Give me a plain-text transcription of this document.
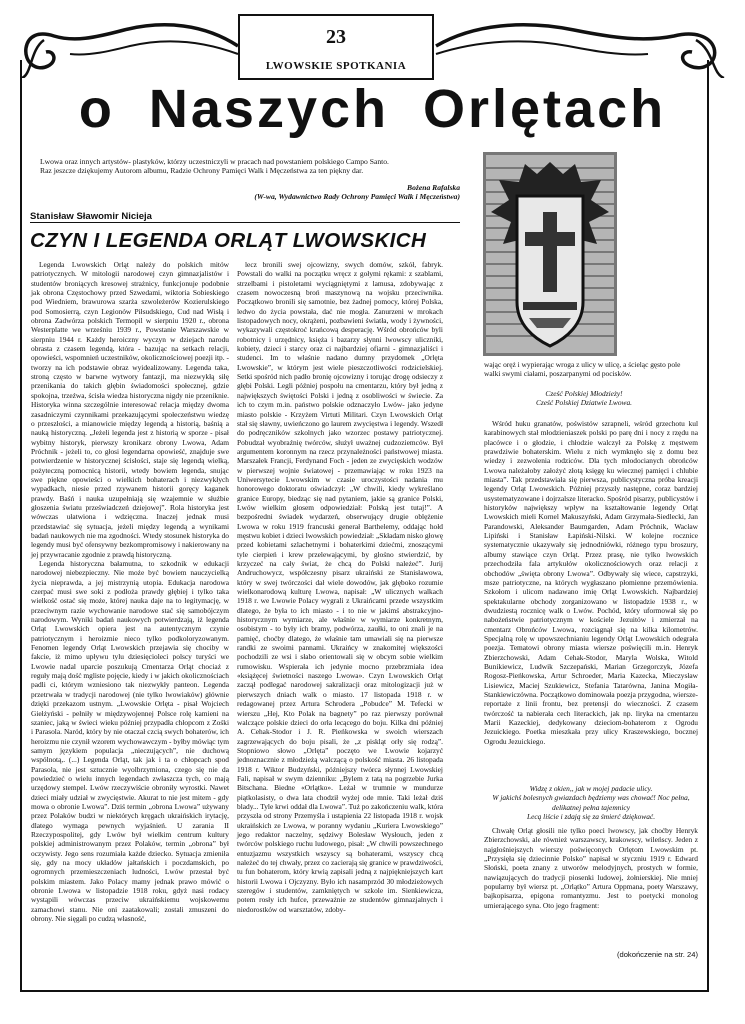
23
LWOWSKIE SPOTKANIA
o Naszych Orlętach

Lwowa oraz innych artystów- plastyków, którzy uczestniczyli w pracach nad powstaniem polskiego Campo Santo.

Raz jeszcze dziękujemy Autorom albumu, Radzie Ochrony Pamięci Walk i Męczeństwa za ten piękny dar.

Bożena Rafalska
(W-wa, Wydawnictwo Rady Ochrony Pamięci Walk i Męczeństwa)
Stanisław Sławomir Nicieja
CZYN I LEGENDA ORLĄT LWOWSKICH

Legenda Lwowskich Orląt należy do polskich mitów patriotycznych. W mitologii narodowej czyn gimnazjalistów i studentów broniących kresowej strażnicy, funkcjonuje podobnie jak obrona Częstochowy przed Szwedami, wiktoria Sobieskiego pod Wiedniem, brawurowa szarża szwoleżerów Kozierulskiego pod Somosierrą, czyn Legionów Piłsudskiego, Cud nad Wisłą i obrona Zadwórza polskich Termopil w sierpniu 1920 r., obrona Westerplatte we wrześniu 1939 r., Powstanie Warszawskie w sierpniu 1944 r. Każdy heroiczny wyczyn w dziejach narodu obrasta z czasem legendą, która - bazując na setkach relacji, opowieści, wspomnień uczestników, okolicznościowej poezji itp. - tworzy na ich podstawie obraz wyidealizowany. Legenda taka, stroną często w barwne wytwory fantazji, ma niezwykłą siłę przenikania do takich głębin świadomości społecznej, gdzie spokojna, trzeźwa, ścisła wiedza historyczna nigdy nie przeniknie. Historyka winna szczególnie interesować relacja między dwoma zasadniczymi czynnikami przekazującymi społeczeństwu wiedzę o przeszłości, a mianowicie między legendą a historią, baśnią a nauką historyczną. „Jeżeli legenda jest z historią w sporze - pisał wybitny historyk, pierwszy kronikarz obrony Lwowa, Adam Próchnik - jeżeli to, co głosi legendarna opowieść, znajduje swe potwierdzenie w historycznej ścisłości, staje się legendą wielką, pożyteczną pomocnicą historii, wtedy bowiem legenda, snując swe piękne opowieści o wielkich bohaterach i niezwykłych wypadkach, niesie przed rzywanem historii goręcy kaganek prawdy. Baśń i nauka uzupełniają się wzajemnie w służbie głoszenia światu przeświadczeń dziejowej”. Rola historyka jest wówczas ułatwiona i wdzięczna. Inaczej jednak musi przedstawiać się sytuacja, jeżeli między legendą a wynikami badań naukowych nie ma zgodności. Wtedy stosunek historyka do legendy musi być ofensywny bezkompromisowy i nakierowany na jej przywracanie zgodnie z prawdą historyczną.

Legenda historyczna bałamutna, to szkodnik w edukacji narodowej niebezpieczny. Nie może być bowiem nauczycielką życia nieprawda, a jej mistrzynią utopia. Edukacja narodowa czerpać musi swe soki z podłoża prawdy głębiej i tylko taka wielkość ostać się może, której nauka daje na to legitymację, w przeciwnym razie wychowanie narodowe stać się samobójczym narodowym. Wyniki badań naukowych potwierdzają, iż legenda Orląt Lwowskich opiera jest na autentycznym czynie patriotycznym i heroizmie nieco tylko podkoloryzowanym. Fenomen legendy Orląt Lwowskich przejawia się chociby w fakcie, iż mimo upływu tylu dziesięcioleci polscy turyści we Lwowie nadal uparcie poszukują Cmentarza Orląt chociaż z reguły mają dość mgliste pojęcie, kiedy i w jakich okolicznościach padli ci, którym wzniesiono tak niezwykły panteon. Legenda przetrwała w tradycji narodowej (nie tylko lwowiaków) głównie dzięki przekazom ustnym. „Lwowskie Orlęta - pisał Wojciech Giełżyński - pełniły w międzywojennej Polsce rolę kamieni na szaniec, jaką w świeci wieku później przypadła chłopcom z Zośki i Parasola. Naród, który by nie otaczał czcią swych bohaterów, ich heroizmu nie czynił wzorem wychowawczym - byłby mówiąc tym samym językiem populacja „nieczujących”, nie duchową wspólnotą,. (...) Legenda Orląt, tak jak i ta o chłopcach spod Parasola, nie jest sztucznie wyolbrzymiona, czego się nie da powiedzieć o wielu innych legendach zwłaszcza tych, co mają urzędowy stempel. Lwów rzeczywiście obroniły wyrostki. Nawet dzieci miały udział w zwycięstwie. Akurat to nie jest mitem - gdy mowa o obronie Lwowa”. Dziś termin „obrona Lwowa” używany przez Polaków budzi w niektórych kręgach ukraińskich irytację, dlatego wymaga pewnych wyjaśnień. U zarania II Rzeczypospolitej, gdy Lwów był wielkim centrum kultury polskiej administrowanym przez Polaków, termin „obrona” był oczywisty. Jego sens rozumiała każde dziecko. Sytuacja zmieniła się, gdy na mocy układów jałtańskich i poczdamskich, po ogromnych przemieszczeniach ludności, Lwów przestał być polskim miastem. Jako Polacy mamy jednak prawo mówić o obronie Lwowa w listopadzie 1918 roku, gdyż nasi rodacy wystąpili wówczas przeciw ukraińskiemu wojskowemu zamachowi stanu. Nie oni zaatakowali; zostali zmuszeni do obrony. Nie sięgali po cudzą własność,

lecz bronili swej ojcowizny, swych domów, szkół, fabryk. Powstali do walki na początku wręcz z gołymi rękami: z szablami, strzelbami i pistoletami wyciągniętymi z lamusa, zdobywając z czasem nowoczesną broń maszynową na wojsku przeciwnika. Początkowo bronili się samotnie, bez żadnej pomocy, której Polska, ledwo do życia powstała, dać nie mogła. Zanurzeni w mrokach listopadowych nocy, okrążeni, pozbawieni światła, wody i żywności, wykazywali częstokroć krańcową desperację. Wśród obrońców byli robotnicy i urzędnicy, księża i bazarzy słynni lwowscy uliczniki, kobiety, dzieci i starcy oraz ci najbardziej ofiarni - gimnazjaliści i studenci. Im to właśnie nadano dumny przydomek „Orlęta Lwowskie”, w którym jest wiele pieszczotliwości rodzicielskiej. Setki spośród nich padło bronię ojcowizny i torując drogę odsieczy z głębi Polski. Legli później pospołu na cmentarzu, który był jedną z największych świętości Polski i jedną z osobliwości w świecie. Za ich to czym m.in. państwo polskie odznaczyło Lwów- jako jedyne miasto polskie - Krzyżem Virtuti Militari. Czyn Lwowskich Orląt stał się sławny, uwieńczono go laurem zwycięstwa i legendy. Wszedł do podręczników szkolnych jako wzorzec postawy patriotycznej. Pobudzał wyobraźnię twórców, służył uważnej cudzoziemców. Był argumentem koronnym na rzecz przynależności państwowej miasta. Marszałek Francji, Ferdynand Foch - jeden ze zwycięskich wodzów w pierwszej wojnie światowej - przemawiając w roku 1923 na Uniwersytecie Lwowskim w czasie uroczystości nadania mu honorowego doktoratu oświadczył: „W chwili, kiedy wykreślano granice Europy, biedząc się nad pytaniem, jakie są granice Polski, Lwów wielkim głosem odpowiedział: Polską jest tutaj!”. A bezpośredni świadek wydarzeń, obserwujący drugie oblężenie Lwowa w roku 1919 francuski generał Barthelemy, oddając hołd męstwu kobiet i dzieci lwowskich powiedział: „Składam nisko głowę przed kobietami szlachetnymi i bohaterkimi dziećmi, znoszącymi tyle cierpień i krew przelewającymi, by głośno stwierdzić, by krzyczeć na cały świat, że chcą do Polski należeć”. Jurij Andruchowycz, współczesny pisarz ukraiński ze Stanisławowa, który w swej twórczości dał wiele dowodów, jak głęboko rozumie wielkonarodową kulturę Lwowa, napisał: „W ulicznych walkach 1918 r. we Lwowie Polacy wygrali z Ukraińcami przede wszystkim dlatego, że była to ich miasto - i to nie w jakimś abstrakcyjno-historycznym wymiarze, ale właśnie w wymiarze konkretnym, osobistym - to były ich bramy, podwórza, zaułki, to oni znali je na pamięć, choćby dlatego, że właśnie tam umawiali się na pierwsze randki ze swoimi pannami. Ukraińcy w znakomitej większości pochodzili ze wsi i słabo orientowali się w obcym sobie wielkim rumowisku. Wspierała ich jedynie mocno przebrzmiała idea «książęcej świetności naszego Lwowa». Czyn Lwowskich Orląt zaczął podlegać narodowej sakralizacji oraz mitologizacji już w pierwszych dniach walk o miasto. 17 listopada 1918 r. w redagowanej przez Artura Schrodera „Pobudce” M. Tefecki w wierszu „Hej, Kto Polak na bagnety” po raz pierwszy porównał walczące polskie dzieci do orła lecącego do boju. Kilka dni później A. Cehak-Stodor i J. R. Pieńkowska w swoich wierszach zagrzewających do boju pisali, że „z piskląt orły się rodzą”. Stopniowo słowo „Orlęta” poczęto we Lwowie kojarzyć jednoznacznie z młodzieżą walczącą o polskość miasta. 26 listopada 1918 r. Wiktor Budzyński, późniejszy twórca słynnej Lwowskiej Fali, napisał w swym dzienniku: „Bylem z tatą na pogrzebie Jurka Bitschana. Biedne «Orlątko». Leżał w trumnie w mundurze piątkolasisty, o dwa lata chodził wyżej ode mnie. Taki leżał dziś blady... Tyle krwi oddał dla Lwowa”. Tuż po zakończeniu walk, która przyszła od strony Przemyśla i ustąpienia 22 listopada 1918 r. wojsk ukraińskich ze Lwowa, w poranny wydaniu „Kuriera Lwowskiego” jego redaktor naczelny, sędziwy Bolesław Wysłouch, jeden z twórców polskiego ruchu ludowego, pisał: „W chwili powszechnego entuzjazmu wszystkich wszyscy są bohaterami, wszyscy chcą należeć do tej chwały, przez co zacierają się granice w prawdziwości, tu fun bohaterom, który krwią zapisali jedną z najpiękniejszych kart historii Lwowa i Ojczyzny. Było ich nasamprzód 30 młodzieżowych szeregów i studentów, zamkniętych w szkole im. Sienkiewicza, potem rosły ich hufce, przeważnie ze studentów gimnazjalnych i niedorostków od warsztatów, zdoby-

wając oręż i wypierając wroga z ulicy w ulicę, a ścieląc gęsto pole walki swymi ciałami, poszarpanymi od pocisków.
Cześć Polskiej Młodzieży!
Cześć Polskiej Dziatwie Lwowa.

Wśród huku granatów, poświstów szrapneli, wśród grzechotu kul karabinowych stał młodzieniaszek polski po parę dni i nocy z rzędu na placówce i o głodzie, i chłodzie walczył za Polskę z męstwem prawdziwie bohaterskim. Wielu z nich wymknęło się z domu bez wiedzy i zezwolenia rodziców. Dla tych młodocianych obrońców Lwowa należałoby założyć złotą księgę ku wiecznej pamięci i chlubie miasta”. Tak przedstawiała się pierwsza, publicystyczna próba kreacji legendy Orląt Lwowskich. Później przyszły następne, coraz bardziej usystematyzowane i dojrzalsze literacko. Spośród pisarzy, publicystów i historyków największy wpływ na kształtowanie legendy Orląt Lwowskich mieli Kornel Makuszyński, Adam Grzymała-Siedlecki, Jan Parandowski, Aleksander Baumgarden, Adam Próchnik, Wacław Lipiński i Stanisław Łapiński-Nilski. W kolejne rocznice systematycznie ukazywały się jednodniówki, różnego typu broszury, albumy stawiące czyn Orląt. Przez prasę, nie tylko lwowskich przechodziła fala artykułów okolicznościowych oraz relacji z obchodów „święta obrony Lwowa”. Odbywały się wiece, capstrzyki, msze patriotyczne, na których wygłaszano płomienne przemówienia. Szkołom i ulicom nadawano imię Orląt Lwowskich. Najbardziej spektakularne obchody zorganizowano w listopadzie 1938 r., w dwudziestą rocznicę walk o Lwów. Pochód, który uformował się po nabożeństwie patriotycznym w kościele Jezuitów i zmierzał na cmentarz Obrońców Lwowa, rozciągnął się na kilka kilometrów. Specjalną rolę w upowszechnianiu legendy Orląt Lwowskich odegrała poezja. Tematowi obrony miasta wiersze poświęcili m.in. Henryk Zbierzchowski, Adam Cehak-Stodor, Maryla Wolska, Witold Bunikiewicz, Ludwik Szczepański, Marian Grzegorczyk, Józefa Rogosz-Pieńkowska, Artur Schroeder, Maria Kazecka, Mieczysław Lisiewicz, Maciej Szukiewicz, Stefania Tatarówna, Janina Mogiła-Stankiewiczówna. Początkowo dominowała poezja przygodna, wiersze-reportaże z linii frontu, bez pretensji do wieczności. Z czasem twórczość ta nabierała cech literackich, jak np. liryka na cmentarzu Marii Kazeckiej, dedykowany dzieciom-bohaterom z Ogrodu Jezuickiego. Poetka mieszkała przy ulicy Kraszewskiego, bocznej Ogrodu Jezuickiego.

Widzę z okien,, jak w mojej padacie ulicy.
W jakichś bolesnych gwiazdach będziemy was chować! Noc pełna, delikatnej pełna tajemnicy
Lecą liście i zdają się za śmierć dziękować.

Chwałę Orląt głosili nie tylko poeci lwowscy, jak choćby Henryk Zbierzchowski, ale również warszawscy, krakowscy, wileńscy. Jeden z najgłośniejszych wierszy poświęconych Orlętom Lwowskim pt. „Przysięła się dziecinnie Polsko” napisał w styczniu 1919 r. Edward Słoński, poeta znany z utworów melodyjnych, prostych w formie, nawiązujących do tradycji piosenki ludowej, żołnierskiej. Nie mniej popularny był wiersz pt. „Orlątko” Artura Oppmana, poety Warszawy, bajkopisarza, epigona romantyzmu. Jest to poetycki monolog umierającego syna. Oto jego fragment:

(dokończenie na str. 24)
